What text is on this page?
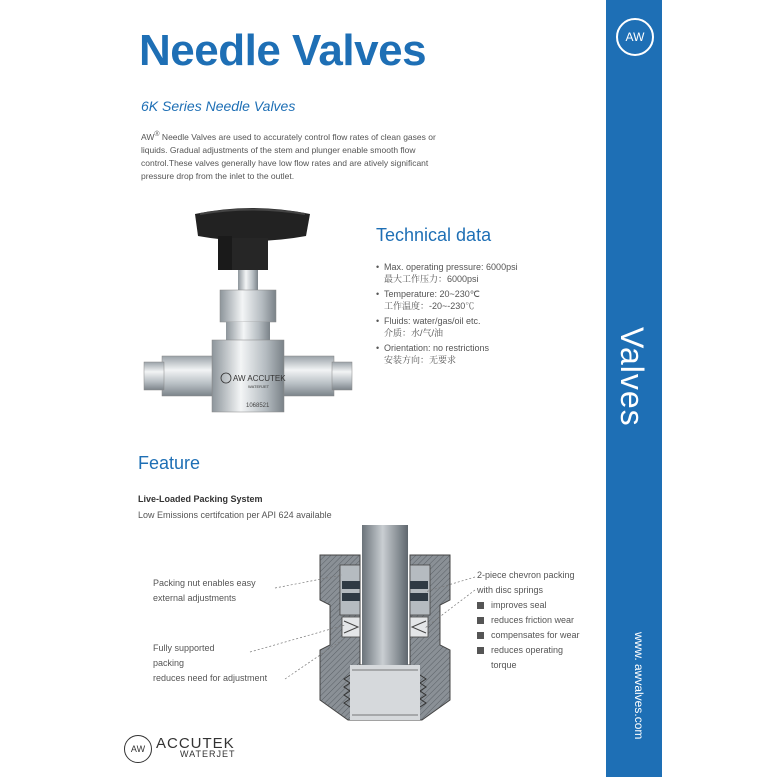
AW
Valves
www. awvalves.com
Needle Valves
6K Series Needle Valves
AW® Needle Valves are used to accurately control flow rates of clean gases or liquids. Gradual adjustments of the stem and plunger enable smooth flow control.These valves generally have low flow rates and are atively significant pressure drop from the inlet to the outlet.
AW ACCUTEK
WATERJET
1068521
Technical data
• Max. operating pressure: 6000psi
最大工作压力：6000psi
• Temperature: 20~230℃
工作温度：-20~-230℃
• Fluids: water/gas/oil etc.
介质：水/气/油
• Orientation: no restrictions
安装方向：无要求
Feature
Live-Loaded Packing System
Low Emissions certifcation per API 624 available
Packing nut enables easy
external adjustments
Fully supported
packing
reduces need for adjustment
2-piece chevron packing
with disc springs
improves seal
reduces friction wear
compensates for wear
reduces operating
torque
AW ACCUTEK
WATERJET
